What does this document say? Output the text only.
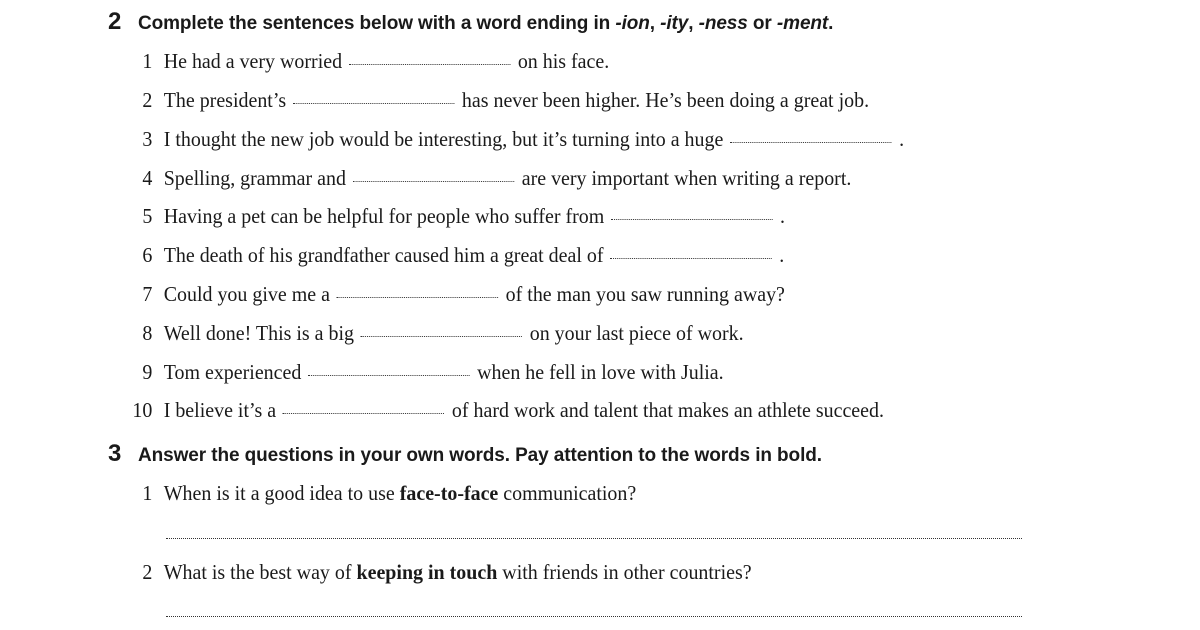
2 Complete the sentences below with a word ending in -ion, -ity, -ness or -ment.
1 He had a very worried	on his face.
2 The president’s	has never been higher. He’s been doing a great job.
3 I thought the new job would be interesting, but it’s turning into a huge	.
4 Spelling, grammar and	are very important when writing a report.
5 Having a pet can be helpful for people who suffer from	.
6 The death of his grandfather caused him a great deal of	.
7 Could you give me a	of the man you saw running away?
8 Well done! This is a big	on your last piece of work.
9 Tom experienced	when he fell in love with Julia.
10 I believe it’s a	of hard work and talent that makes an athlete succeed.
3 Answer the questions in your own words. Pay attention to the words in bold.
1 When is it a good idea to use face-to-face communication?
2 What is the best way of keeping in touch with friends in other countries?
